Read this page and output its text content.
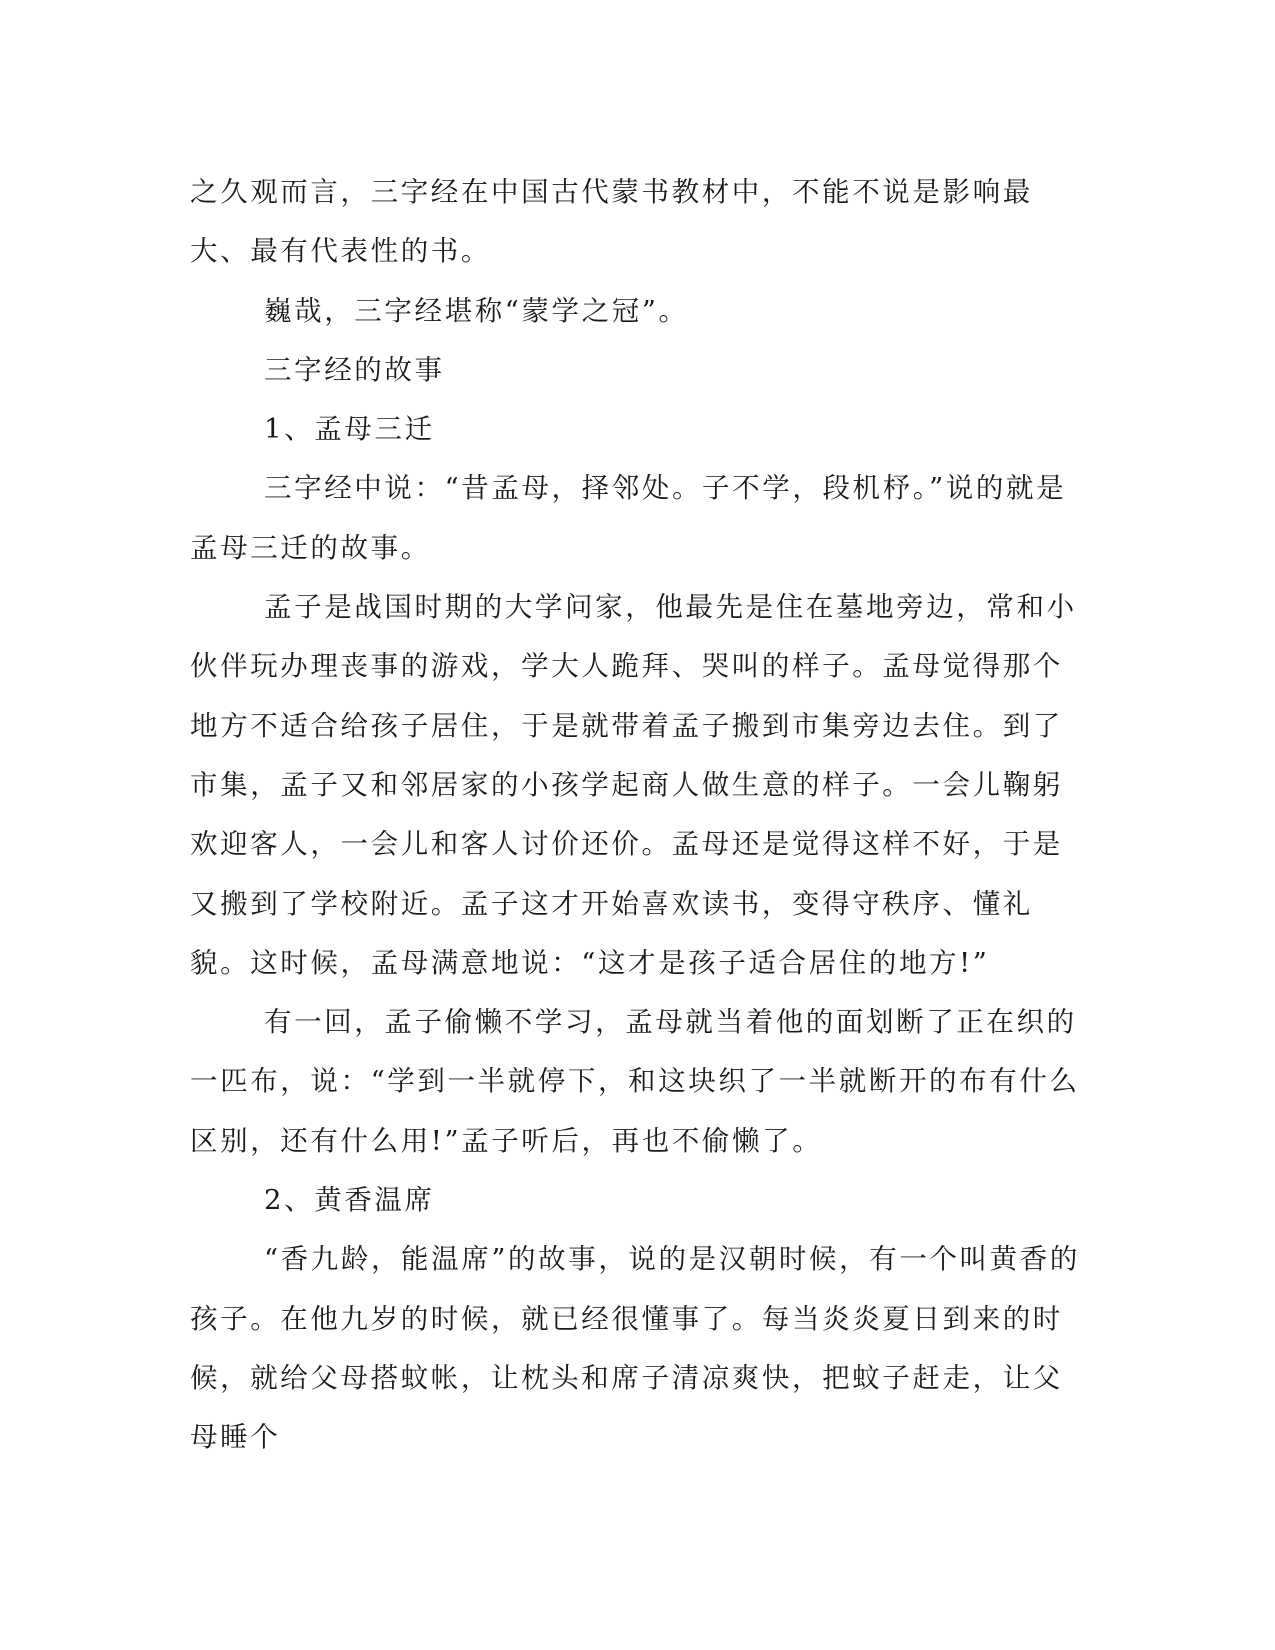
之久观而言，三字经在中国古代蒙书教材中，不能不说是影响最大、最有代表性的书。

巍哉，三字经堪称“蒙学之冠”。

三字经的故事

1、孟母三迁

三字经中说：“昔孟母，择邻处。子不学，段机杼。”说的就是孟母三迁的故事。

孟子是战国时期的大学问家，他最先是住在墓地旁边，常和小伙伴玩办理丧事的游戏，学大人跪拜、哭叫的样子。孟母觉得那个地方不适合给孩子居住，于是就带着孟子搬到市集旁边去住。到了市集，孟子又和邻居家的小孩学起商人做生意的样子。一会儿鞠躬欢迎客人，一会儿和客人讨价还价。孟母还是觉得这样不好，于是又搬到了学校附近。孟子这才开始喜欢读书，变得守秩序、懂礼貌。这时候，孟母满意地说：“这才是孩子适合居住的地方!”

有一回，孟子偷懒不学习，孟母就当着他的面划断了正在织的一匹布，说：“学到一半就停下，和这块织了一半就断开的布有什么区别，还有什么用!”孟子听后，再也不偷懒了。

2、黄香温席

“香九龄，能温席”的故事，说的是汉朝时候，有一个叫黄香的孩子。在他九岁的时候，就已经很懂事了。每当炎炎夏日到来的时候，就给父母搭蚊帐，让枕头和席子清凉爽快，把蚊子赶走，让父母睡个
